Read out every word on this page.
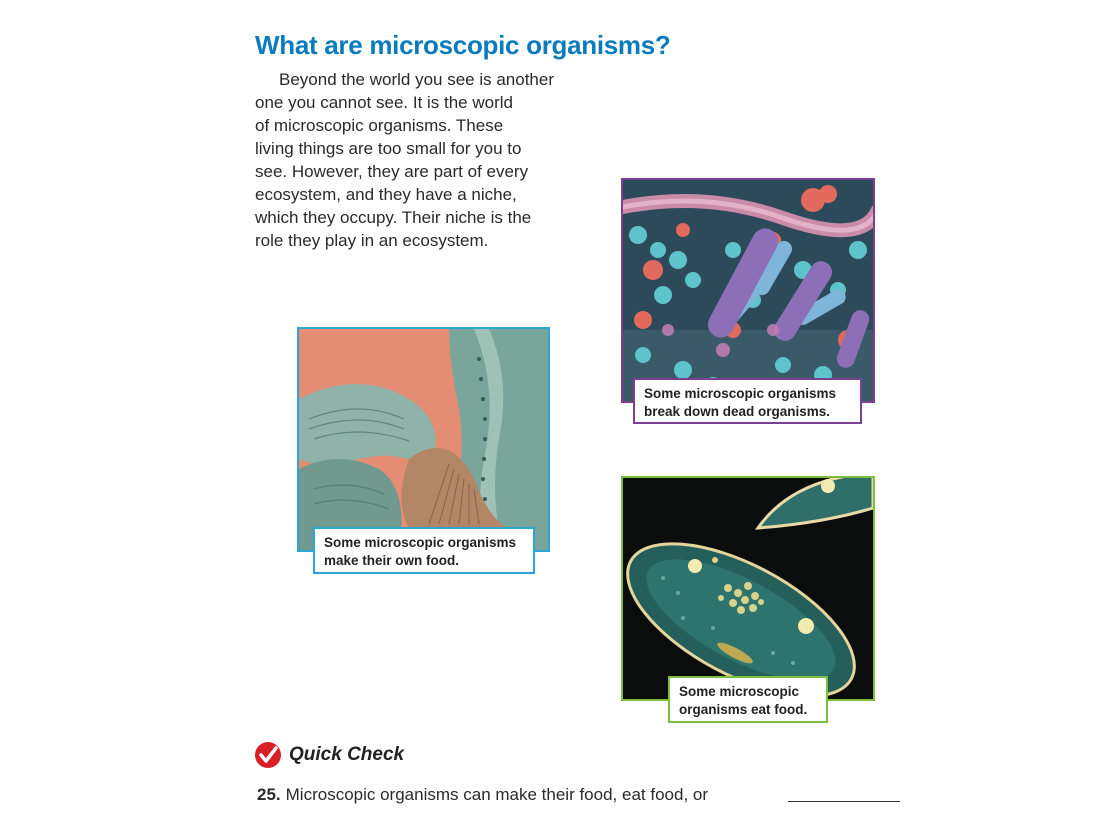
What are microscopic organisms?
Beyond the world you see is another
one you cannot see. It is the world
of microscopic organisms. These
living things are too small for you to
see. However, they are part of every
ecosystem, and they have a niche,
which they occupy. Their niche is the
role they play in an ecosystem.
Some microscopic organisms
break down dead organisms.
Some microscopic organisms
make their own food.
Some microscopic
organisms eat food.
Quick Check
25. Microscopic organisms can make their food, eat food, or
